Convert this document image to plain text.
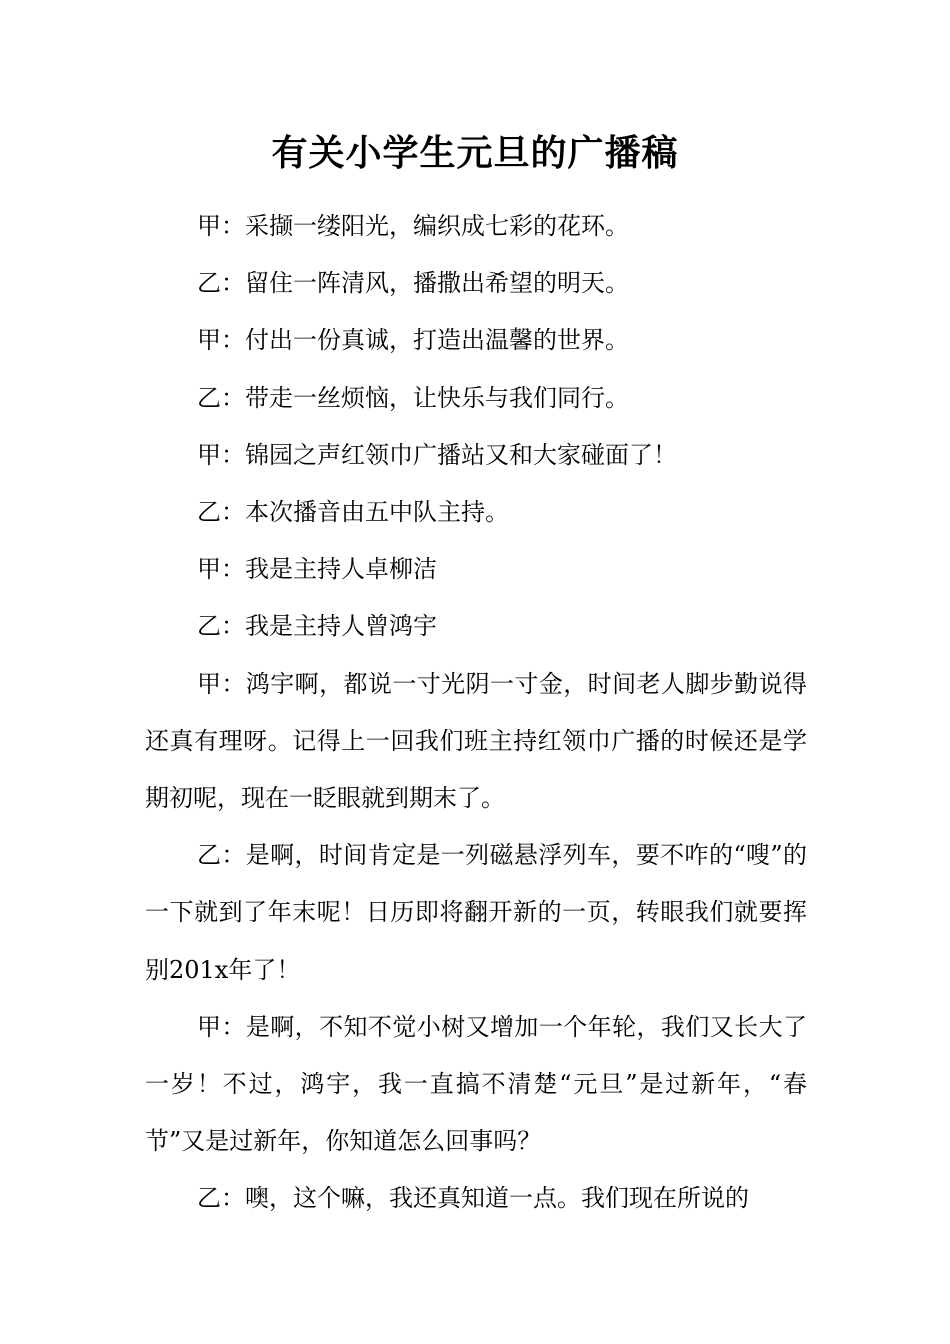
有关小学生元旦的广播稿

甲：采撷一缕阳光，编织成七彩的花环。

乙：留住一阵清风，播撒出希望的明天。

甲：付出一份真诚，打造出温馨的世界。

乙：带走一丝烦恼，让快乐与我们同行。

甲：锦园之声红领巾广播站又和大家碰面了！

乙：本次播音由五中队主持。

甲：我是主持人卓柳洁

乙：我是主持人曾鸿宇

甲：鸿宇啊，都说一寸光阴一寸金，时间老人脚步勤说得还真有理呀。记得上一回我们班主持红领巾广播的时候还是学期初呢，现在一眨眼就到期末了。

乙：是啊，时间肯定是一列磁悬浮列车，要不咋的“嗖”的一下就到了年末呢！日历即将翻开新的一页，转眼我们就要挥别201x年了！

甲：是啊，不知不觉小树又增加一个年轮，我们又长大了一岁！不过，鸿宇，我一直搞不清楚“元旦”是过新年，“春节”又是过新年，你知道怎么回事吗？

乙：噢，这个嘛，我还真知道一点。我们现在所说的
